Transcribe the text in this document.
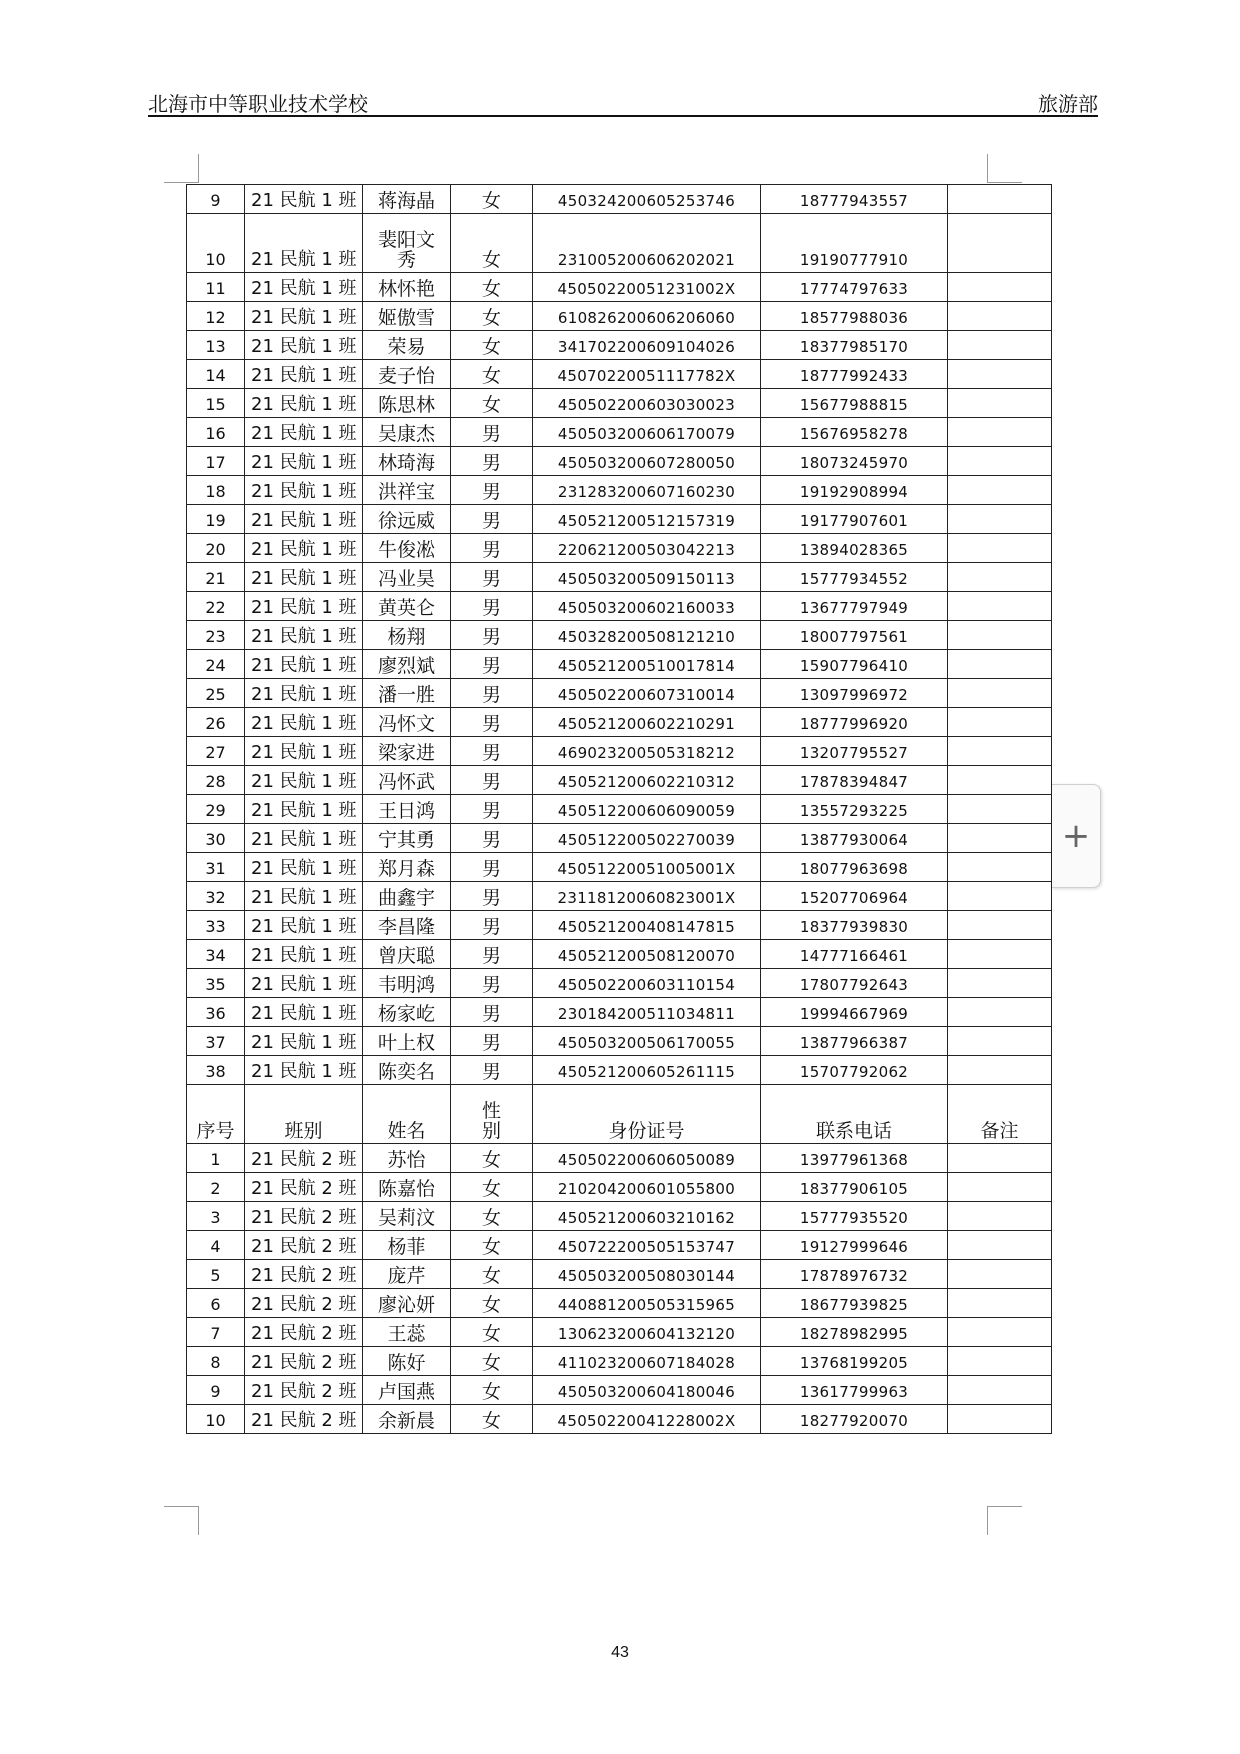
北海市中等职业技术学校	旅游部
9	21 民航 1 班	蒋海晶	女	450324200605253746	18777943557	
10	21 民航 1 班	裴阳文秀	女	231005200606202021	19190777910	
11	21 民航 1 班	林怀艳	女	45050220051231002X	17774797633	
12	21 民航 1 班	姬傲雪	女	610826200606206060	18577988036	
13	21 民航 1 班	荣易	女	341702200609104026	18377985170	
14	21 民航 1 班	麦子怡	女	45070220051117782X	18777992433	
15	21 民航 1 班	陈思林	女	450502200603030023	15677988815	
16	21 民航 1 班	吴康杰	男	450503200606170079	15676958278	
17	21 民航 1 班	林琦海	男	450503200607280050	18073245970	
18	21 民航 1 班	洪祥宝	男	231283200607160230	19192908994	
19	21 民航 1 班	徐远威	男	450521200512157319	19177907601	
20	21 民航 1 班	牛俊凇	男	220621200503042213	13894028365	
21	21 民航 1 班	冯业昊	男	450503200509150113	15777934552	
22	21 民航 1 班	黄英仑	男	450503200602160033	13677797949	
23	21 民航 1 班	杨翔	男	450328200508121210	18007797561	
24	21 民航 1 班	廖烈斌	男	450521200510017814	15907796410	
25	21 民航 1 班	潘一胜	男	450502200607310014	13097996972	
26	21 民航 1 班	冯怀文	男	450521200602210291	18777996920	
27	21 民航 1 班	梁家进	男	469023200505318212	13207795527	
28	21 民航 1 班	冯怀武	男	450521200602210312	17878394847	
29	21 民航 1 班	王日鸿	男	450512200606090059	13557293225	
30	21 民航 1 班	宁其勇	男	450512200502270039	13877930064	
31	21 民航 1 班	郑月森	男	45051220051005001X	18077963698	
32	21 民航 1 班	曲鑫宇	男	23118120060823001X	15207706964	
33	21 民航 1 班	李昌隆	男	450521200408147815	18377939830	
34	21 民航 1 班	曾庆聪	男	450521200508120070	14777166461	
35	21 民航 1 班	韦明鸿	男	450502200603110154	17807792643	
36	21 民航 1 班	杨家屹	男	230184200511034811	19994667969	
37	21 民航 1 班	叶上权	男	450503200506170055	13877966387	
38	21 民航 1 班	陈奕名	男	450521200605261115	15707792062	
序号	班别	姓名	性别	身份证号	联系电话	备注
1	21 民航 2 班	苏怡	女	450502200606050089	13977961368	
2	21 民航 2 班	陈嘉怡	女	210204200601055800	18377906105	
3	21 民航 2 班	吴莉汶	女	450521200603210162	15777935520	
4	21 民航 2 班	杨菲	女	450722200505153747	19127999646	
5	21 民航 2 班	庞芹	女	450503200508030144	17878976732	
6	21 民航 2 班	廖沁妍	女	440881200505315965	18677939825	
7	21 民航 2 班	王蕊	女	130623200604132120	18278982995	
8	21 民航 2 班	陈好	女	411023200607184028	13768199205	
9	21 民航 2 班	卢国燕	女	450503200604180046	13617799963	
10	21 民航 2 班	余新晨	女	45050220041228002X	18277920070	
+
43
